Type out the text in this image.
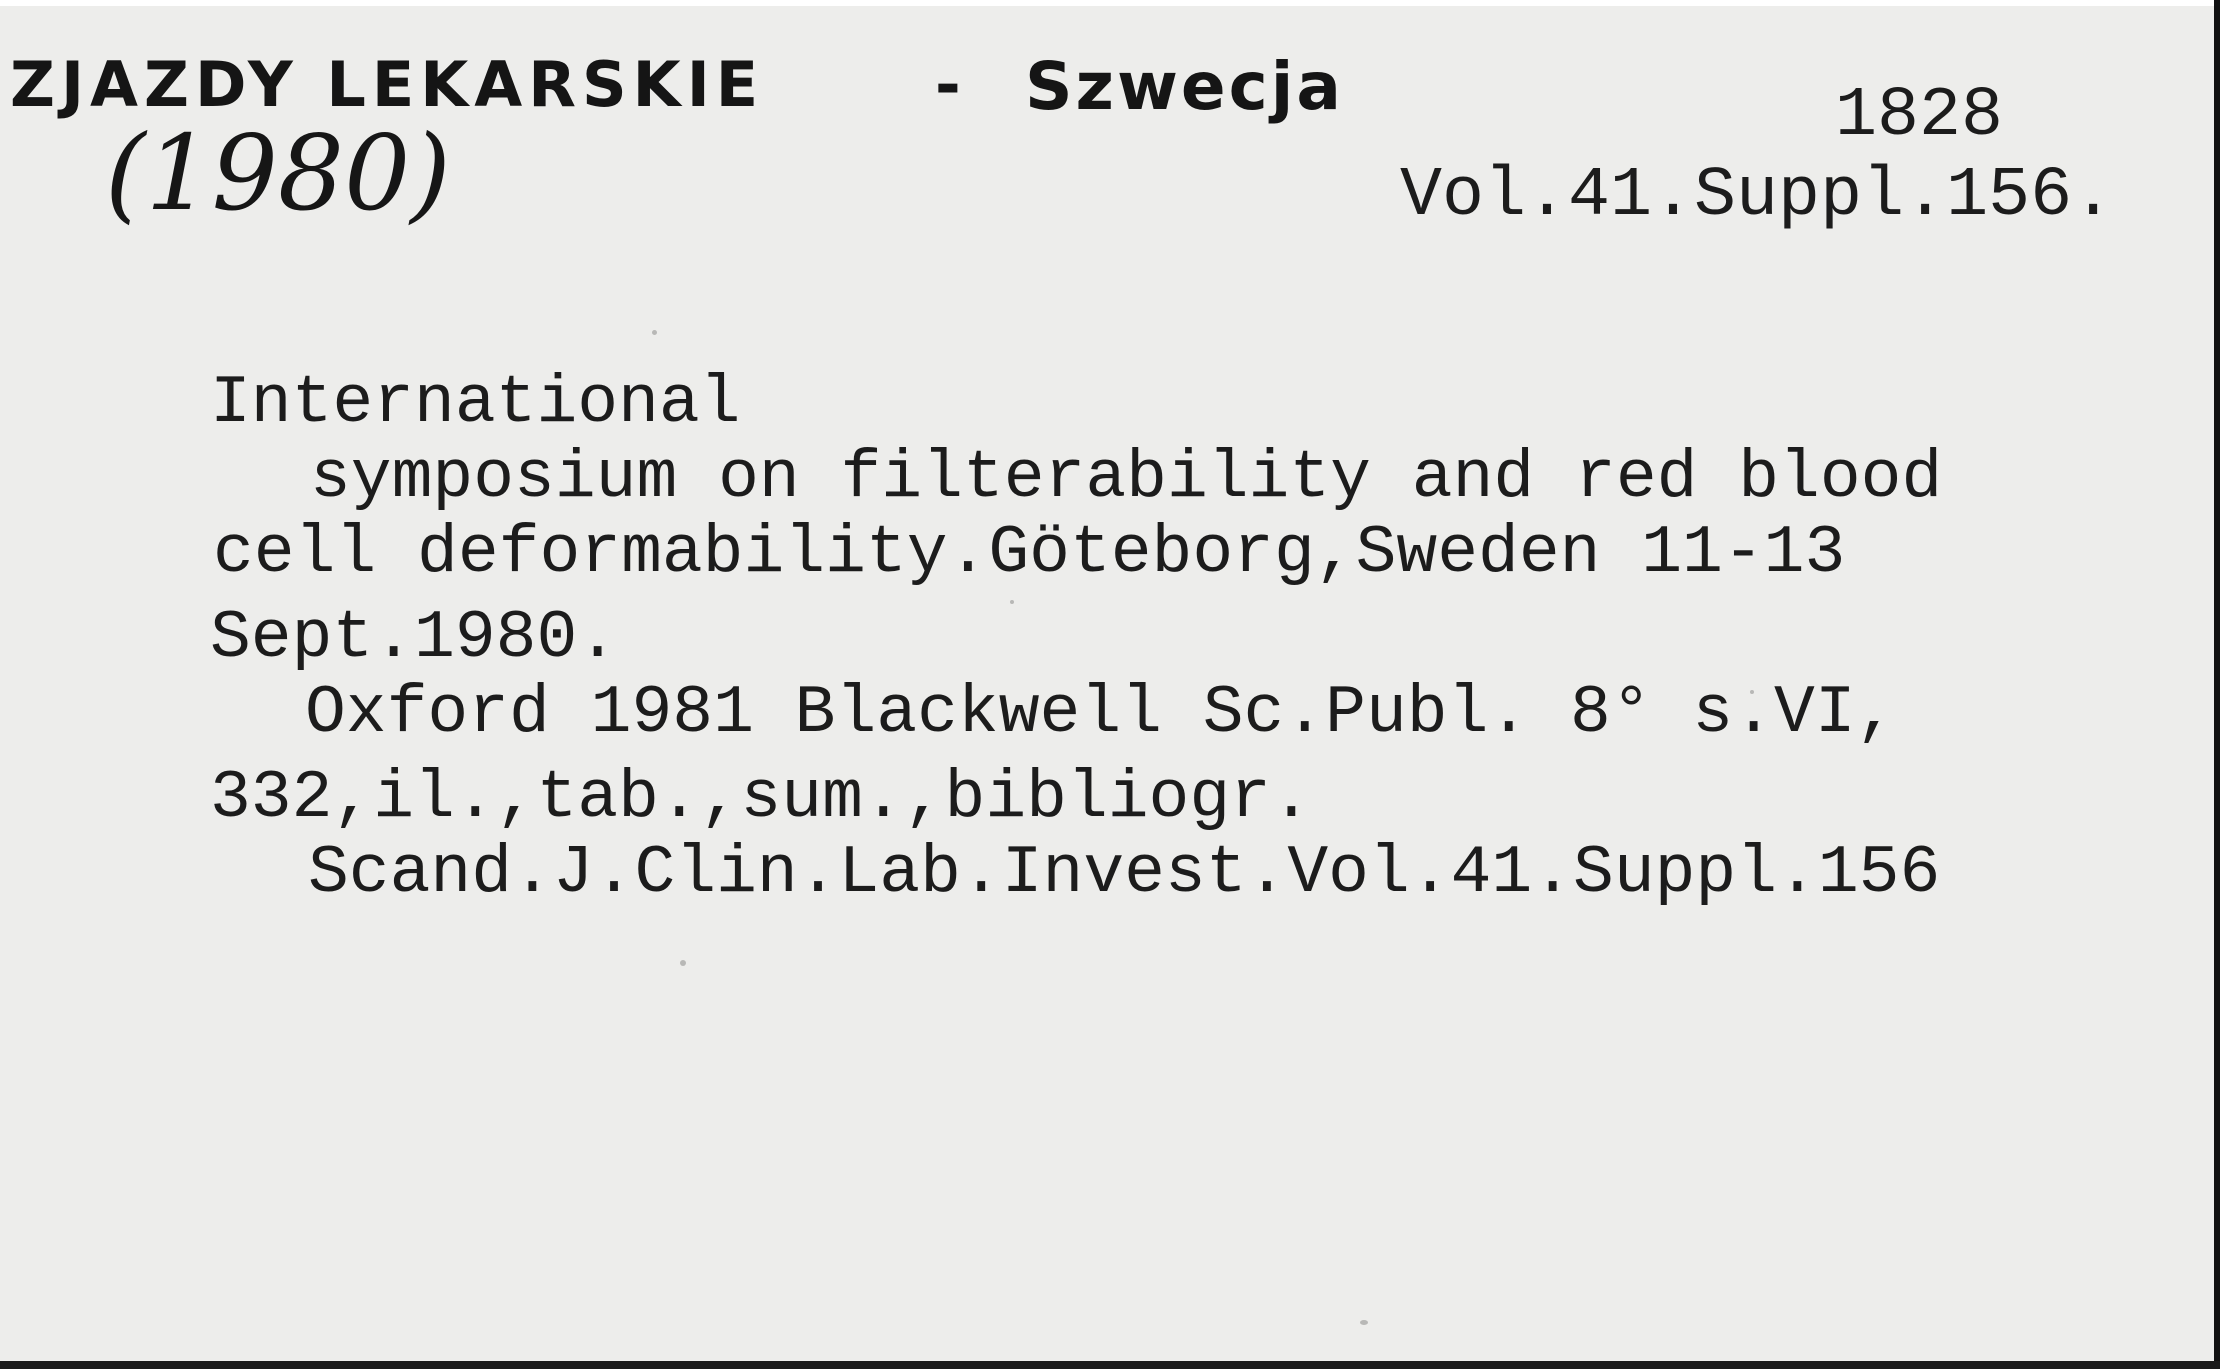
ZJAZDY LEKARSKIE	- Szwecja
(1980)	1828
Vol.41.Suppl.156.
International
symposium on filterability and red blood
cell deformability.Göteborg,Sweden 11-13
Sept.1980.
Oxford 1981 Blackwell Sc.Publ. 8° s.VI,
332,il.,tab.,sum.,bibliogr.
Scand.J.Clin.Lab.Invest.Vol.41.Suppl.156
